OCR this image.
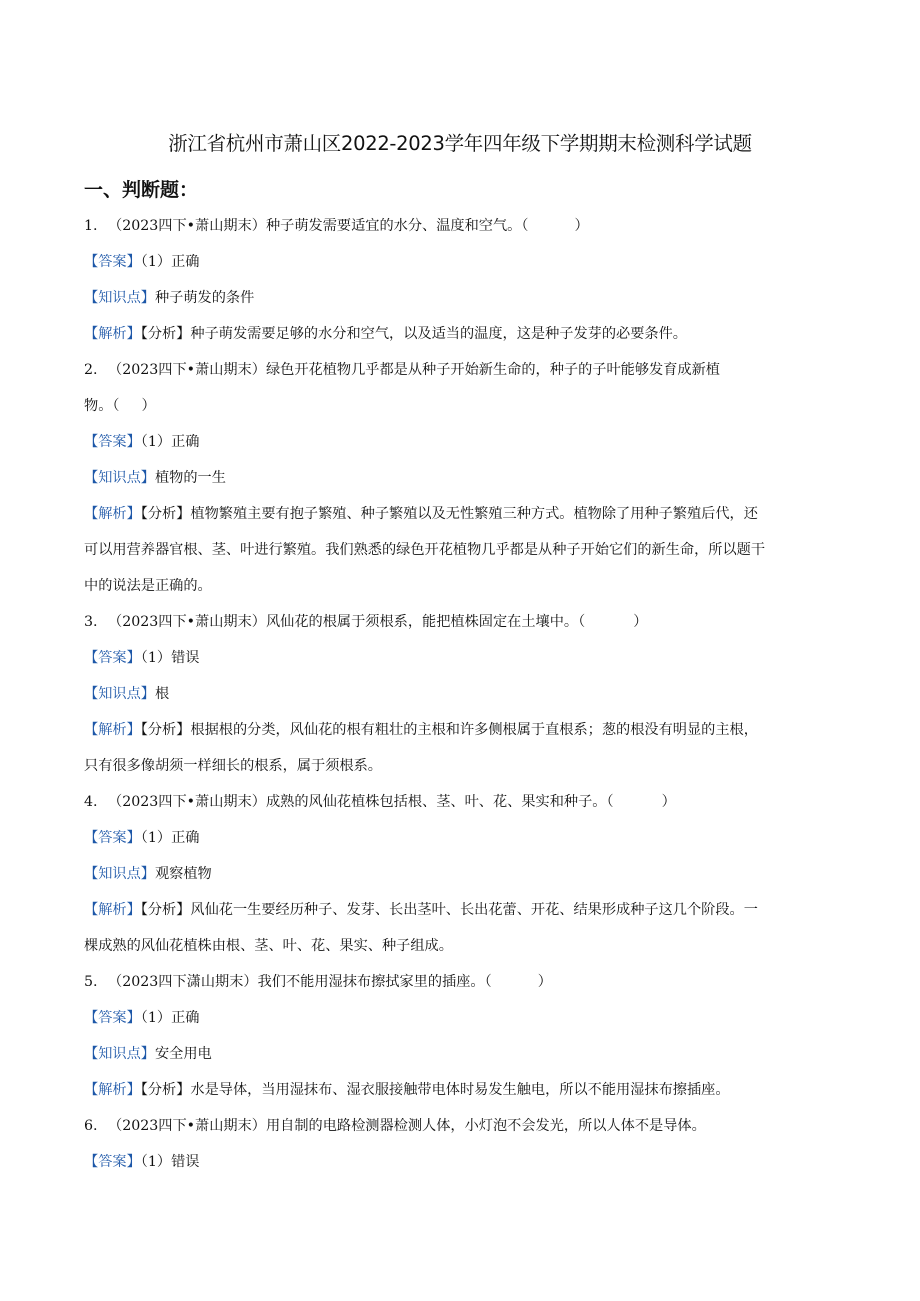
浙江省杭州市萧山区2022-2023学年四年级下学期期末检测科学试题
一、判断题：
1. （2023四下•萧山期末）种子萌发需要适宜的水分、温度和空气。（	）
【答案】（1）正确
【知识点】种子萌发的条件
【解析】【分析】种子萌发需要足够的水分和空气，以及适当的温度，这是种子发芽的必要条件。
2. （2023四下•萧山期末）绿色开花植物几乎都是从种子开始新生命的，种子的子叶能够发育成新植
物。（ ）
【答案】（1）正确
【知识点】植物的一生
【解析】【分析】植物繁殖主要有抱子繁殖、种子繁殖以及无性繁殖三种方式。植物除了用种子繁殖后代，还
可以用营养器官根、茎、叶进行繁殖。我们熟悉的绿色开花植物几乎都是从种子开始它们的新生命，所以题干
中的说法是正确的。
3. （2023四下•萧山期末）风仙花的根属于须根系，能把植株固定在土壤中。（	）
【答案】（1）错误
【知识点】根
【解析】【分析】根据根的分类，风仙花的根有粗壮的主根和许多侧根属于直根系；葱的根没有明显的主根，
只有很多像胡须一样细长的根系，属于须根系。
4. （2023四下•萧山期末）成熟的风仙花植株包括根、茎、叶、花、果实和种子。（	）
【答案】（1）正确
【知识点】观察植物
【解析】【分析】风仙花一生要经历种子、发芽、长出茎叶、长出花蕾、开花、结果形成种子这几个阶段。一
棵成熟的风仙花植株由根、茎、叶、花、果实、种子组成。
5. （2023四下潇山期末）我们不能用湿抹布擦拭家里的插座。（	）
【答案】（1）正确
【知识点】安全用电
【解析】【分析】水是导体，当用湿抹布、湿衣服接触带电体时易发生触电，所以不能用湿抹布擦插座。
6. （2023四下•萧山期末）用自制的电路检测器检测人体，小灯泡不会发光，所以人体不是导体。
【答案】（1）错误
